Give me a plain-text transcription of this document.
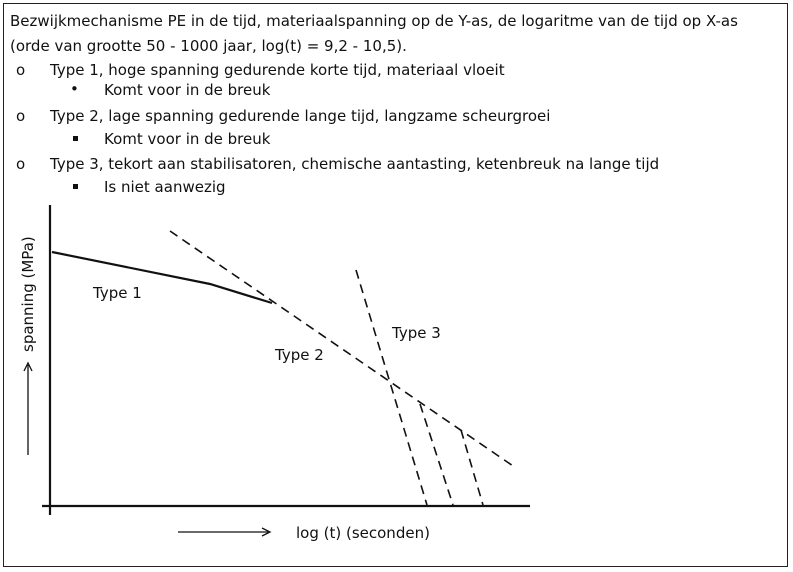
Bezwijkmechanisme PE in de tijd, materiaalspanning op de Y-as, de logaritme van de tijd op X-as
(orde van grootte 50 - 1000 jaar, log(t) = 9,2 - 10,5).
o Type 1, hoge spanning gedurende korte tijd, materiaal vloeit
• Komt voor in de breuk
o Type 2, lage spanning gedurende lange tijd, langzame scheurgroei
Komt voor in de breuk
o Type 3, tekort aan stabilisatoren, chemische aantasting, ketenbreuk na lange tijd
Is niet aanwezig
Type 1
Type 2
Type 3
spanning (MPa)
log (t) (seconden)
